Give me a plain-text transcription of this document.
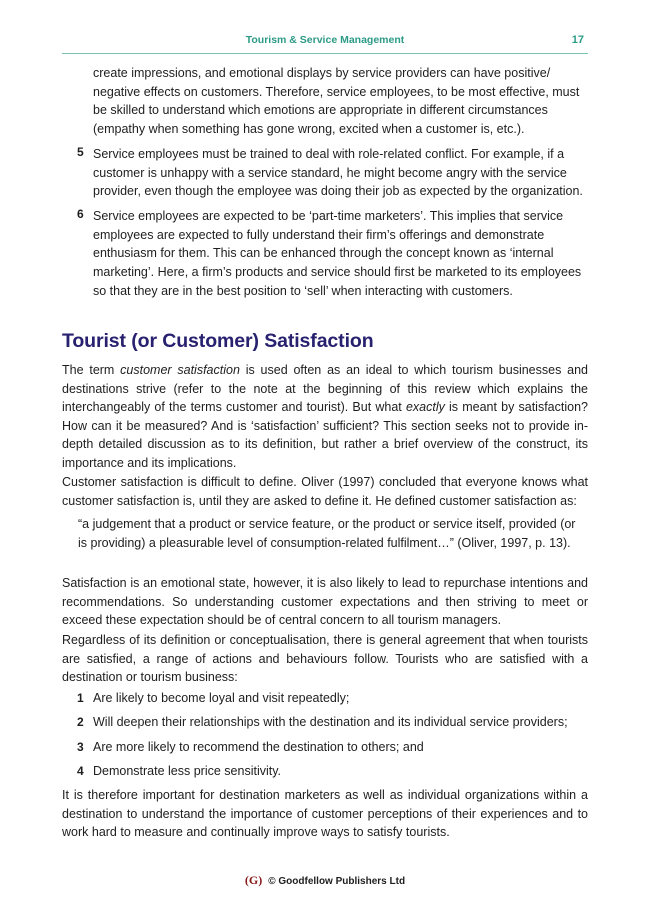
Tourism & Service Management	17
create impressions, and emotional displays by service providers can have positive/ negative effects on customers. Therefore, service employees, to be most effective, must be skilled to understand which emotions are appropriate in different circumstances (empathy when something has gone wrong, excited when a customer is, etc.).
5 Service employees must be trained to deal with role-related conflict. For example, if a customer is unhappy with a service standard, he might become angry with the service provider, even though the employee was doing their job as expected by the organization.
6 Service employees are expected to be ‘part-time marketers’. This implies that service employees are expected to fully understand their firm’s offerings and demonstrate enthusiasm for them. This can be enhanced through the concept known as ‘internal marketing’. Here, a firm’s products and service should first be marketed to its employees so that they are in the best position to ‘sell’ when interacting with customers.
Tourist (or Customer) Satisfaction

The term customer satisfaction is used often as an ideal to which tourism businesses and destinations strive (refer to the note at the beginning of this review which explains the interchangeably of the terms customer and tourist). But what exactly is meant by satisfaction? How can it be measured? And is ‘satisfaction’ sufficient? This section seeks not to provide in-depth detailed discussion as to its definition, but rather a brief overview of the construct, its importance and its implications.

Customer satisfaction is difficult to define. Oliver (1997) concluded that everyone knows what customer satisfaction is, until they are asked to define it. He defined customer satisfaction as:

“a judgement that a product or service feature, or the product or service itself, provided (or is providing) a pleasurable level of consumption-related fulfilment…” (Oliver, 1997, p. 13).

Satisfaction is an emotional state, however, it is also likely to lead to repurchase intentions and recommendations. So understanding customer expectations and then striving to meet or exceed these expectation should be of central concern to all tourism managers.

Regardless of its definition or conceptualisation, there is general agreement that when tourists are satisfied, a range of actions and behaviours follow. Tourists who are satisfied with a destination or tourism business:

1 Are likely to become loyal and visit repeatedly;
2 Will deepen their relationships with the destination and its individual service providers;
3 Are more likely to recommend the destination to others; and
4 Demonstrate less price sensitivity.

It is therefore important for destination marketers as well as individual organizations within a destination to understand the importance of customer perceptions of their experiences and to work hard to measure and continually improve ways to satisfy tourists.

(G) © Goodfellow Publishers Ltd
